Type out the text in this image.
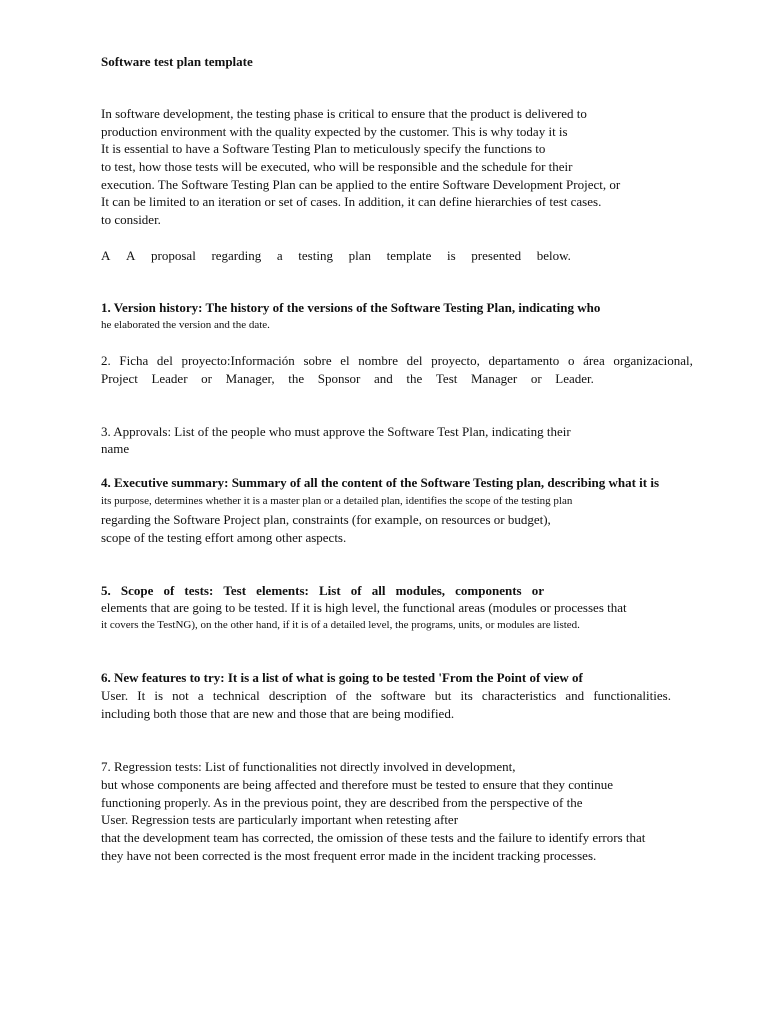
Software test plan template
In software development, the testing phase is critical to ensure that the product is delivered to
production environment with the quality expected by the customer. This is why today it is
It is essential to have a Software Testing Plan to meticulously specify the functions to
to test, how those tests will be executed, who will be responsible and the schedule for their
execution. The Software Testing Plan can be applied to the entire Software Development Project, or
It can be limited to an iteration or set of cases. In addition, it can define hierarchies of test cases.
to consider.
A A proposal regarding a testing plan template is presented below.
1. Version history: The history of the versions of the Software Testing Plan, indicating who
he elaborated the version and the date.
2. Ficha del proyecto:Información sobre el nombre del proyecto, departamento o área organizacional,
Project Leader or Manager, the Sponsor and the Test Manager or Leader.
3. Approvals: List of the people who must approve the Software Test Plan, indicating their
name
4. Executive summary: Summary of all the content of the Software Testing plan, describing what it is
its purpose, determines whether it is a master plan or a detailed plan, identifies the scope of the testing plan
regarding the Software Project plan, constraints (for example, on resources or budget),
scope of the testing effort among other aspects.
5. Scope of tests: Test elements: List of all modules, components or
elements that are going to be tested. If it is high level, the functional areas (modules or processes that
it covers the TestNG), on the other hand, if it is of a detailed level, the programs, units, or modules are listed.
6. New features to try: It is a list of what is going to be tested 'From the Point of view of
User. It is not a technical description of the software but its characteristics and functionalities.
including both those that are new and those that are being modified.
7. Regression tests: List of functionalities not directly involved in development,
but whose components are being affected and therefore must be tested to ensure that they continue
functioning properly. As in the previous point, they are described from the perspective of the
User. Regression tests are particularly important when retesting after
that the development team has corrected, the omission of these tests and the failure to identify errors that
they have not been corrected is the most frequent error made in the incident tracking processes.
